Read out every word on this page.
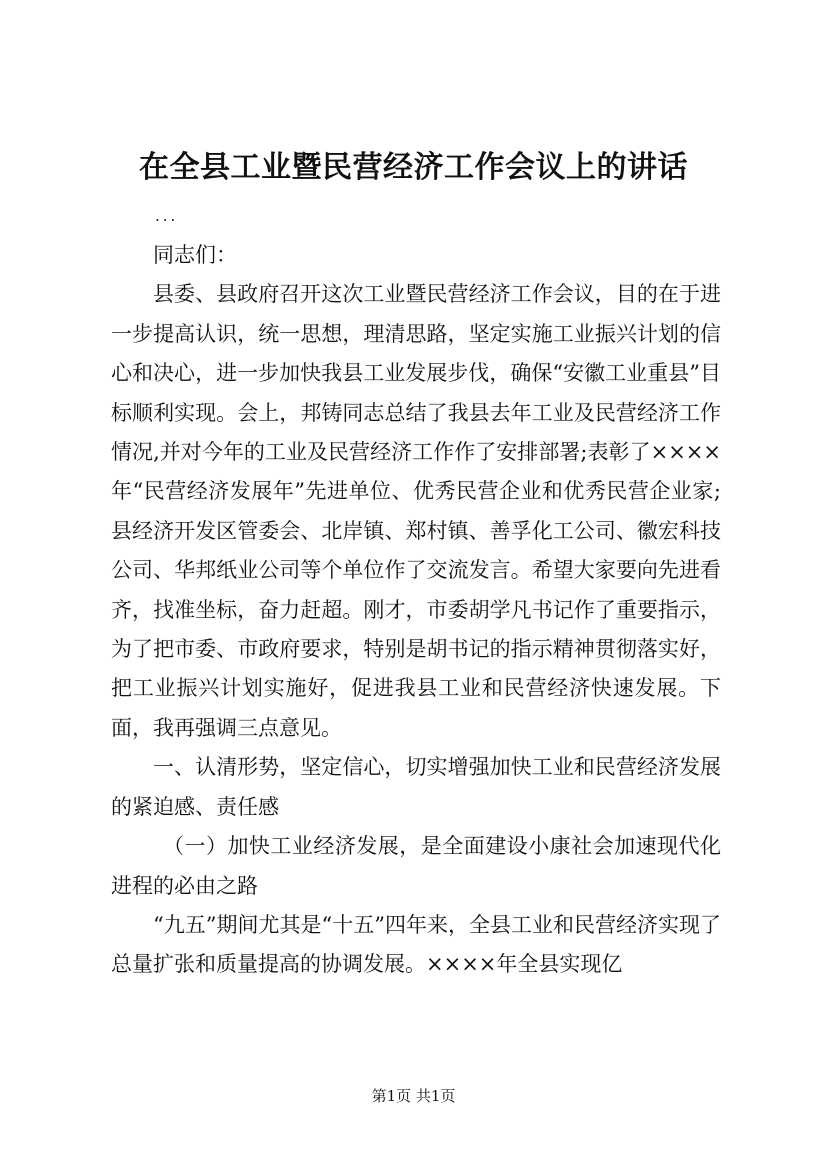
在全县工业暨民营经济工作会议上的讲话
...

同志们：

县委、县政府召开这次工业暨民营经济工作会议，目的在于进一步提高认识，统一思想，理清思路，坚定实施工业振兴计划的信心和决心，进一步加快我县工业发展步伐，确保“安徽工业重县”目标顺利实现。会上，邦铸同志总结了我县去年工业及民营经济工作情况,并对今年的工业及民营经济工作作了安排部署;表彰了××××年“民营经济发展年”先进单位、优秀民营企业和优秀民营企业家;县经济开发区管委会、北岸镇、郑村镇、善孚化工公司、徽宏科技公司、华邦纸业公司等个单位作了交流发言。希望大家要向先进看齐，找准坐标，奋力赶超。刚才，市委胡学凡书记作了重要指示，为了把市委、市政府要求，特别是胡书记的指示精神贯彻落实好，把工业振兴计划实施好，促进我县工业和民营经济快速发展。下面，我再强调三点意见。

一、认清形势，坚定信心，切实增强加快工业和民营经济发展的紧迫感、责任感

（一）加快工业经济发展，是全面建设小康社会加速现代化进程的必由之路

“九五”期间尤其是“十五”四年来，全县工业和民营经济实现了总量扩张和质量提高的协调发展。××××年全县实现亿

第1页 共1页
